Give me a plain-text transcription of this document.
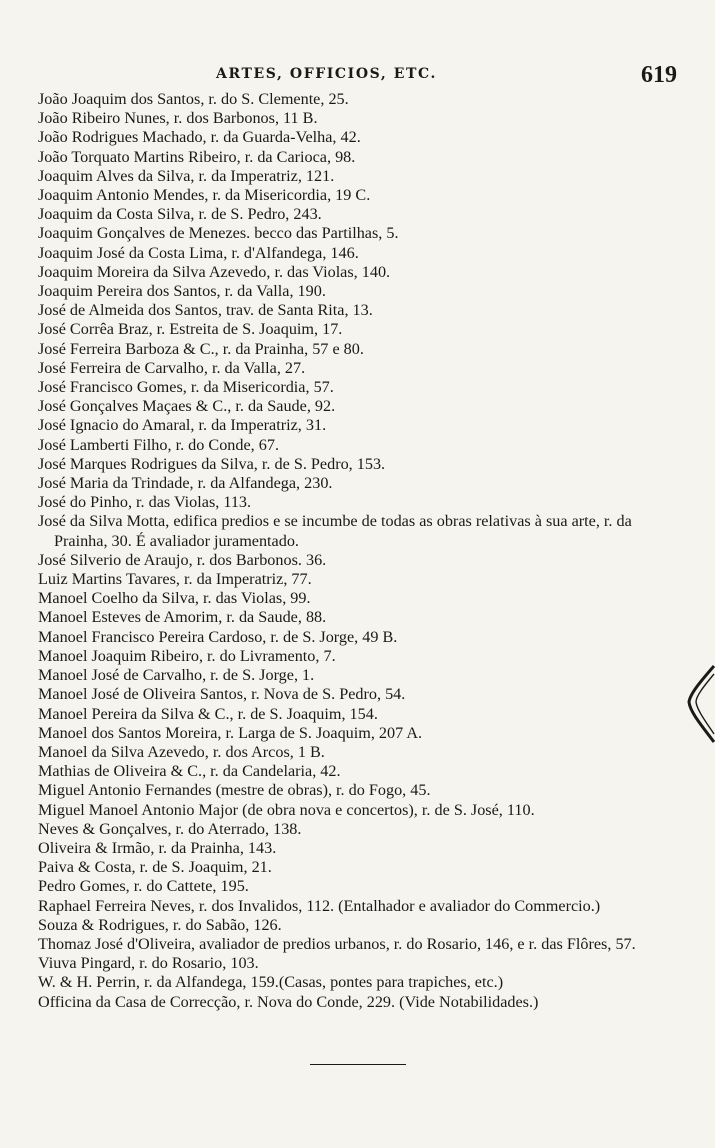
ARTES, OFFICIOS, ETC.	619
João Joaquim dos Santos, r. do S. Clemente, 25.
João Ribeiro Nunes, r. dos Barbonos, 11 B.
João Rodrigues Machado, r. da Guarda-Velha, 42.
João Torquato Martins Ribeiro, r. da Carioca, 98.
Joaquim Alves da Silva, r. da Imperatriz, 121.
Joaquim Antonio Mendes, r. da Misericordia, 19 C.
Joaquim da Costa Silva, r. de S. Pedro, 243.
Joaquim Gonçalves de Menezes. becco das Partilhas, 5.
Joaquim José da Costa Lima, r. d'Alfandega, 146.
Joaquim Moreira da Silva Azevedo, r. das Violas, 140.
Joaquim Pereira dos Santos, r. da Valla, 190.
José de Almeida dos Santos, trav. de Santa Rita, 13.
José Corrêa Braz, r. Estreita de S. Joaquim, 17.
José Ferreira Barboza & C., r. da Prainha, 57 e 80.
José Ferreira de Carvalho, r. da Valla, 27.
José Francisco Gomes, r. da Misericordia, 57.
José Gonçalves Maçaes & C., r. da Saude, 92.
José Ignacio do Amaral, r. da Imperatriz, 31.
José Lamberti Filho, r. do Conde, 67.
José Marques Rodrigues da Silva, r. de S. Pedro, 153.
José Maria da Trindade, r. da Alfandega, 230.
José do Pinho, r. das Violas, 113.
José da Silva Motta, edifica predios e se incumbe de todas as obras relativas à sua arte, r. da Prainha, 30. É avaliador juramentado.
José Silverio de Araujo, r. dos Barbonos. 36.
Luiz Martins Tavares, r. da Imperatriz, 77.
Manoel Coelho da Silva, r. das Violas, 99.
Manoel Esteves de Amorim, r. da Saude, 88.
Manoel Francisco Pereira Cardoso, r. de S. Jorge, 49 B.
Manoel Joaquim Ribeiro, r. do Livramento, 7.
Manoel José de Carvalho, r. de S. Jorge, 1.
Manoel José de Oliveira Santos, r. Nova de S. Pedro, 54.
Manoel Pereira da Silva & C., r. de S. Joaquim, 154.
Manoel dos Santos Moreira, r. Larga de S. Joaquim, 207 A.
Manoel da Silva Azevedo, r. dos Arcos, 1 B.
Mathias de Oliveira & C., r. da Candelaria, 42.
Miguel Antonio Fernandes (mestre de obras), r. do Fogo, 45.
Miguel Manoel Antonio Major (de obra nova e concertos), r. de S. José, 110.
Neves & Gonçalves, r. do Aterrado, 138.
Oliveira & Irmão, r. da Prainha, 143.
Paiva & Costa, r. de S. Joaquim, 21.
Pedro Gomes, r. do Cattete, 195.
Raphael Ferreira Neves, r. dos Invalidos, 112. (Entalhador e avaliador do Commercio.)
Souza & Rodrigues, r. do Sabão, 126.
Thomaz José d'Oliveira, avaliador de predios urbanos, r. do Rosario, 146, e r. das Flôres, 57.
Viuva Pingard, r. do Rosario, 103.
W. & H. Perrin, r. da Alfandega, 159.(Casas, pontes para trapiches, etc.)
Officina da Casa de Correcção, r. Nova do Conde, 229. (Vide Notabilidades.)
